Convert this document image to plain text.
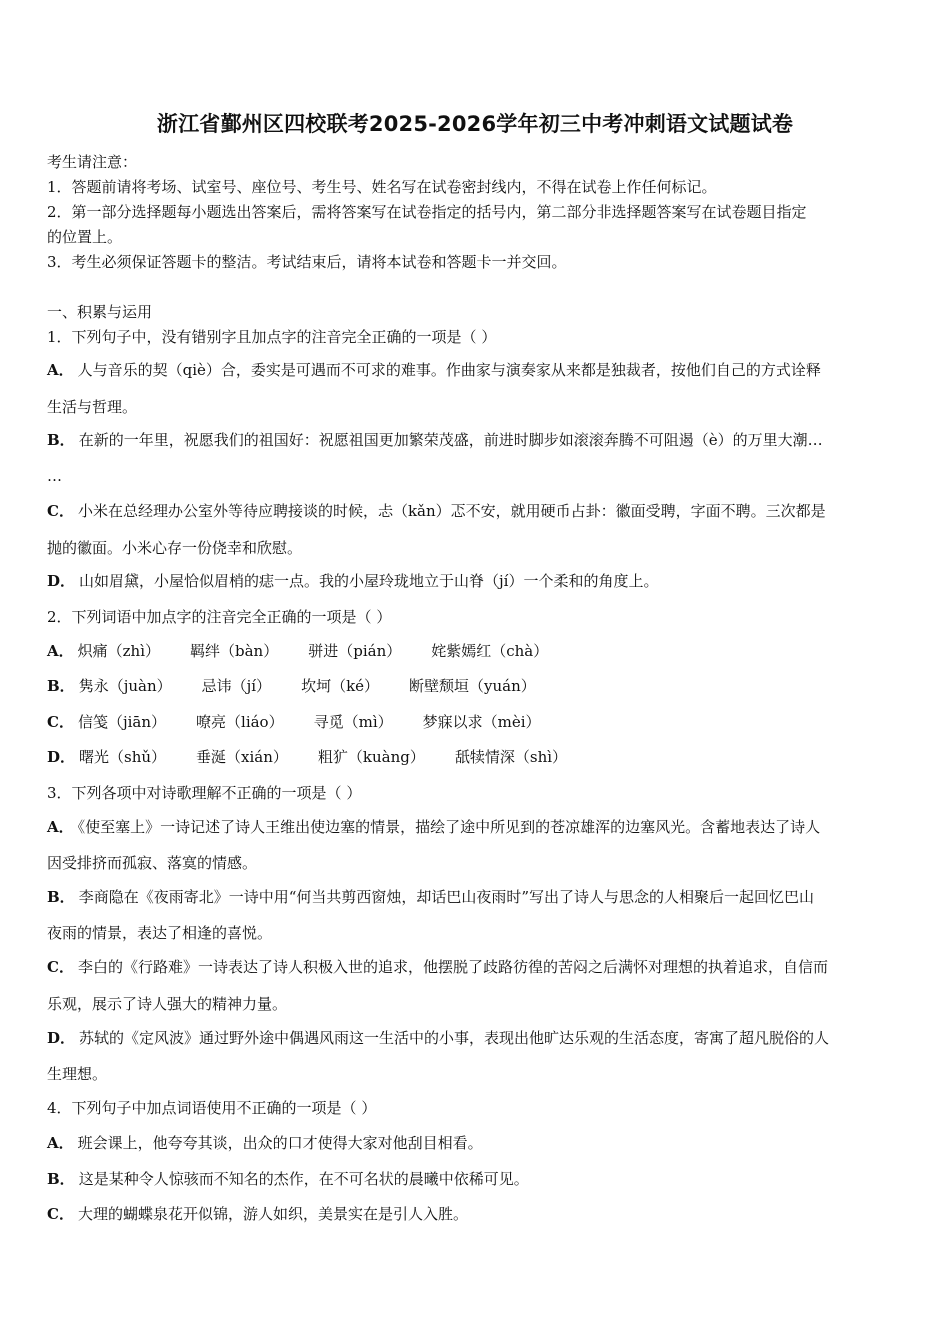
浙江省鄞州区四校联考2025-2026学年初三中考冲刺语文试题试卷
考生请注意：
1．答题前请将考场、试室号、座位号、考生号、姓名写在试卷密封线内，不得在试卷上作任何标记。
2．第一部分选择题每小题选出答案后，需将答案写在试卷指定的括号内，第二部分非选择题答案写在试卷题目指定
的位置上。
3．考生必须保证答题卡的整洁。考试结束后，请将本试卷和答题卡一并交回。
一、积累与运用
1．下列句子中，没有错别字且加点字的注音完全正确的一项是（ ）
A． 人与音乐的契（qiè）合，委实是可遇而不可求的难事。作曲家与演奏家从来都是独裁者，按他们自己的方式诠释
生活与哲理。
B． 在新的一年里，祝愿我们的祖国好：祝愿祖国更加繁荣茂盛，前进时脚步如滚滚奔腾不可阻遏（è）的万里大潮…
…
C． 小米在总经理办公室外等待应聘接谈的时候，忐（kǎn）忑不安，就用硬币占卦：徽面受聘，字面不聘。三次都是
抛的徽面。小米心存一份侥幸和欣慰。
D． 山如眉黛，小屋恰似眉梢的痣一点。我的小屋玲珑地立于山脊（jí）一个柔和的角度上。
2．下列词语中加点字的注音完全正确的一项是（ ）
A． 炽痛（zhì） 羁绊（bàn） 骈进（pián） 姹紫嫣红（chà）
B． 隽永（juàn） 忌讳（jí） 坎坷（ké） 断壁颓垣（yuán）
C． 信笺（jiān） 嘹亮（liáo） 寻觅（mì） 梦寐以求（mèi）
D． 曙光（shǔ） 垂涎（xián） 粗犷（kuàng） 舐犊情深（shì）
3．下列各项中对诗歌理解不正确的一项是（ ）
A． 《使至塞上》一诗记述了诗人王维出使边塞的情景，描绘了途中所见到的苍凉雄浑的边塞风光。含蓄地表达了诗人
因受排挤而孤寂、落寞的情感。
B． 李商隐在《夜雨寄北》一诗中用“何当共剪西窗烛，却话巴山夜雨时”写出了诗人与思念的人相聚后一起回忆巴山
夜雨的情景，表达了相逢的喜悦。
C． 李白的《行路难》一诗表达了诗人积极入世的追求，他摆脱了歧路彷徨的苦闷之后满怀对理想的执着追求，自信而
乐观，展示了诗人强大的精神力量。
D． 苏轼的《定风波》通过野外途中偶遇风雨这一生活中的小事，表现出他旷达乐观的生活态度，寄寓了超凡脱俗的人
生理想。
4．下列句子中加点词语使用不正确的一项是（ ）
A． 班会课上，他夸夸其谈，出众的口才使得大家对他刮目相看。
B． 这是某种令人惊骇而不知名的杰作，在不可名状的晨曦中依稀可见。
C． 大理的蝴蝶泉花开似锦，游人如织，美景实在是引人入胜。
